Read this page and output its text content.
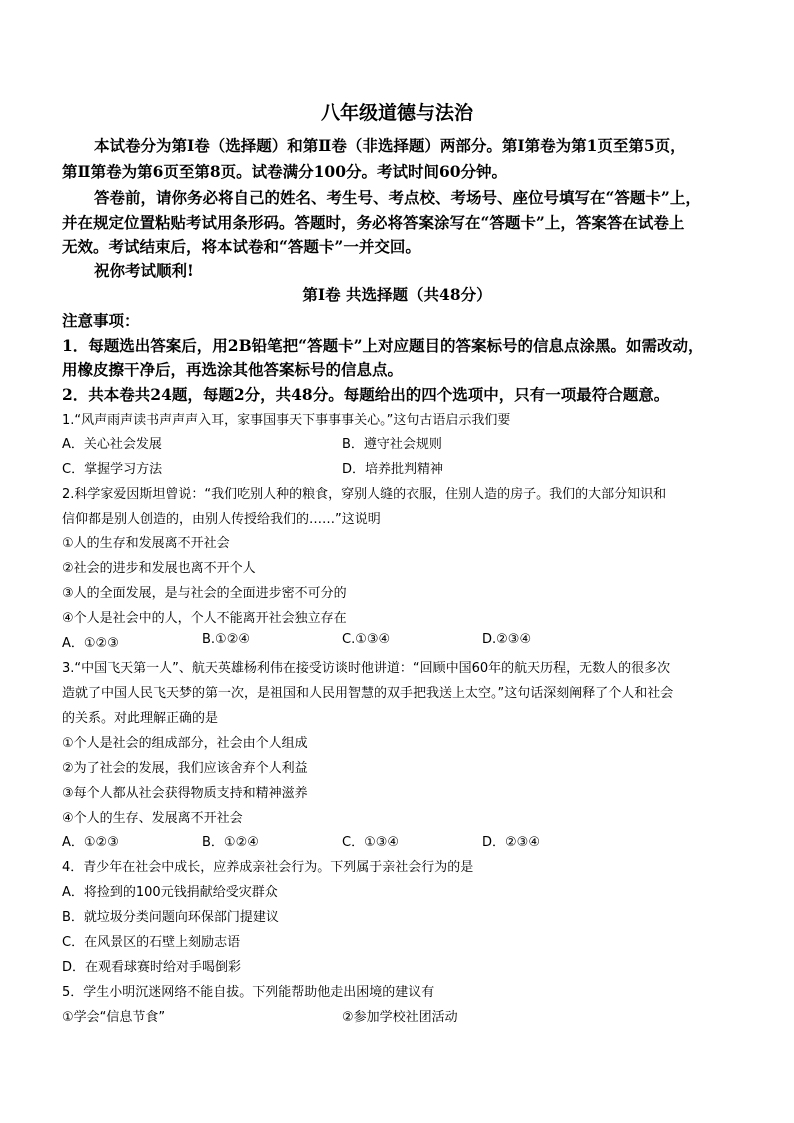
八年级道德与法治
本试卷分为第Ⅰ卷（选择题）和第Ⅱ卷（非选择题）两部分。第Ⅰ第卷为第1页至第5页，
第Ⅱ第卷为第6页至第8页。试卷满分100分。考试时间60分钟。
答卷前，请你务必将自己的姓名、考生号、考点校、考场号、座位号填写在“答题卡”上，
并在规定位置粘贴考试用条形码。答题时，务必将答案涂写在“答题卡”上，答案答在试卷上
无效。考试结束后，将本试卷和“答题卡”一并交回。
祝你考试顺利!
第Ⅰ卷 共选择题（共48分）
注意事项：
1．每题选出答案后，用2B铅笔把“答题卡”上对应题目的答案标号的信息点涂黑。如需改动，
用橡皮擦干净后，再选涂其他答案标号的信息点。
2．共本卷共24题，每题2分，共48分。每题给出的四个选项中，只有一项最符合题意。
1.“风声雨声读书声声声入耳，家事国事天下事事事关心。”这句古语启示我们要
A．关心社会发展	B．遵守社会规则
C．掌握学习方法	D．培养批判精神
2.科学家爱因斯坦曾说：“我们吃别人种的粮食，穿别人缝的衣服，住别人造的房子。我们的大部分知识和
信仰都是别人创造的，由别人传授给我们的……”这说明
①人的生存和发展离不开社会
②社会的进步和发展也离不开个人
③人的全面发展，是与社会的全面进步密不可分的
④个人是社会中的人，个人不能离开社会独立存在
A．①②③	B.①②④	C.①③④	D.②③④
3.“中国飞天第一人”、航天英雄杨利伟在接受访谈时他讲道：“回顾中国60年的航天历程，无数人的很多次
造就了中国人民飞天梦的第一次，是祖国和人民用智慧的双手把我送上太空。”这句话深刻阐释了个人和社会
的关系。对此理解正确的是
①个人是社会的组成部分，社会由个人组成
②为了社会的发展，我们应该舍弃个人利益
③每个人都从社会获得物质支持和精神滋养
④个人的生存、发展离不开社会
A．①②③	B．①②④	C．①③④	D．②③④
4．青少年在社会中成长，应养成亲社会行为。下列属于亲社会行为的是
A．将捡到的100元钱捐献给受灾群众
B．就垃圾分类问题向环保部门提建议
C．在风景区的石壁上刻励志语
D．在观看球赛时给对手喝倒彩
5．学生小明沉迷网络不能自拔。下列能帮助他走出困境的建议有
①学会“信息节食”	②参加学校社团活动
